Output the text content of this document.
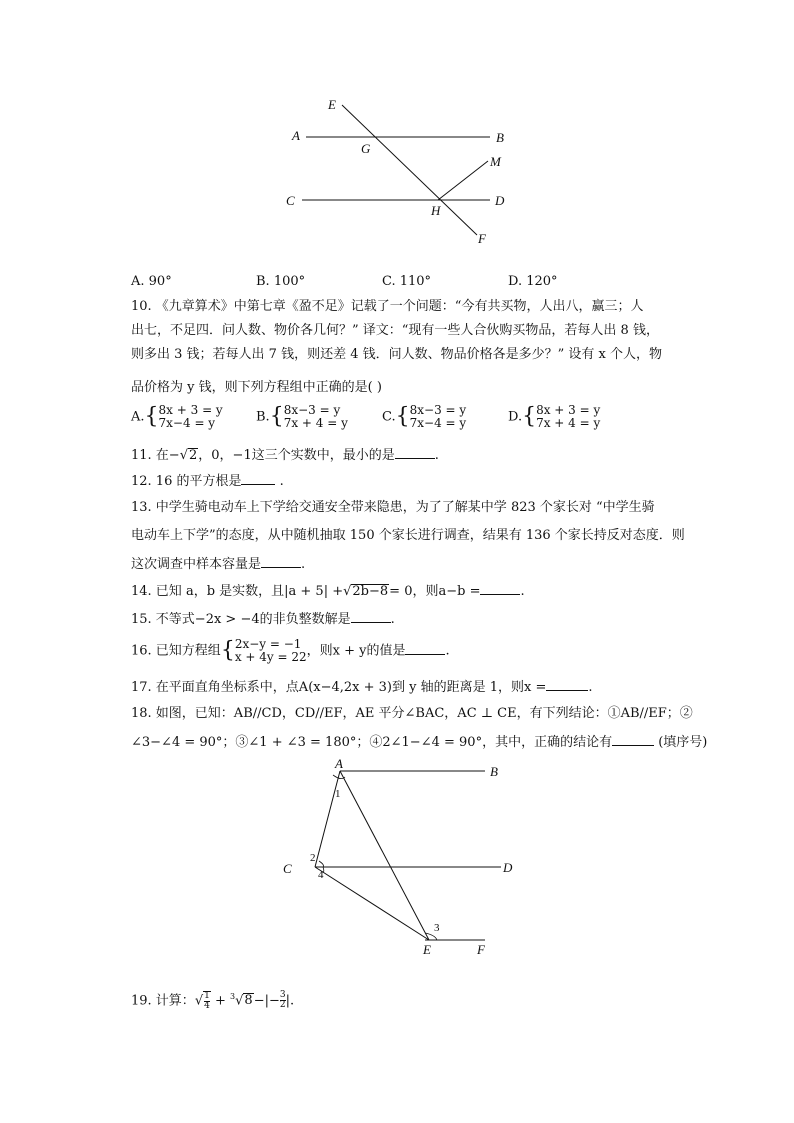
E
A
G
B
M
C
H
D
F
A. 90°	B. 100°	C. 110°	D. 120°
10. 《九章算术》中第七章《盈不足》记载了一个问题：“今有共买物，人出八，赢三；人
出七，不足四．问人数、物价各几何？” 译文：“现有一些人合伙购买物品，若每人出 8 钱，
则多出 3 钱；若每人出 7 钱，则还差 4 钱．问人数、物品价格各是多少？” 设有 x 个人，物
品价格为 y 钱，则下列方程组中正确的是( )
A.{8x + 3 = y
7x−4 = y	B.{8x−3 = y
7x + 4 = y	C.{8x−3 = y
7x−4 = y	D.{8x + 3 = y
7x + 4 = y
11. 在−√2，0，−1这三个实数中，最小的是	.
12. 16 的平方根是	.
13. 中学生骑电动车上下学给交通安全带来隐患，为了了解某中学 823 个家长对 “中学生骑
电动车上下学”的态度，从中随机抽取 150 个家长进行调查，结果有 136 个家长持反对态度．则
这次调查中样本容量是	.
14. 已知 a，b 是实数，且|a + 5| +√2b−8= 0，则a−b =	.
15. 不等式−2x > −4的非负整数解是	.
16. 已知方程组{2x−y = −1
x + 4y = 22，则x + y的值是	.
17. 在平面直角坐标系中，点A(x−4,2x + 3)到 y 轴的距离是 1，则x =	.
18. 如图，已知：AB//CD，CD//EF，AE 平分∠BAC，AC ⊥ CE，有下列结论：①AB//EF；②
∠3−∠4 = 90°；③∠1 + ∠3 = 180°；④2∠1−∠4 = 90°，其中，正确的结论有	(填序号)
A
B
C	D
E	F
1
2
3
4
19. 计算：√ $\frac{1}{4} + ^3√8-|- \frac{3}{2}$ |.
